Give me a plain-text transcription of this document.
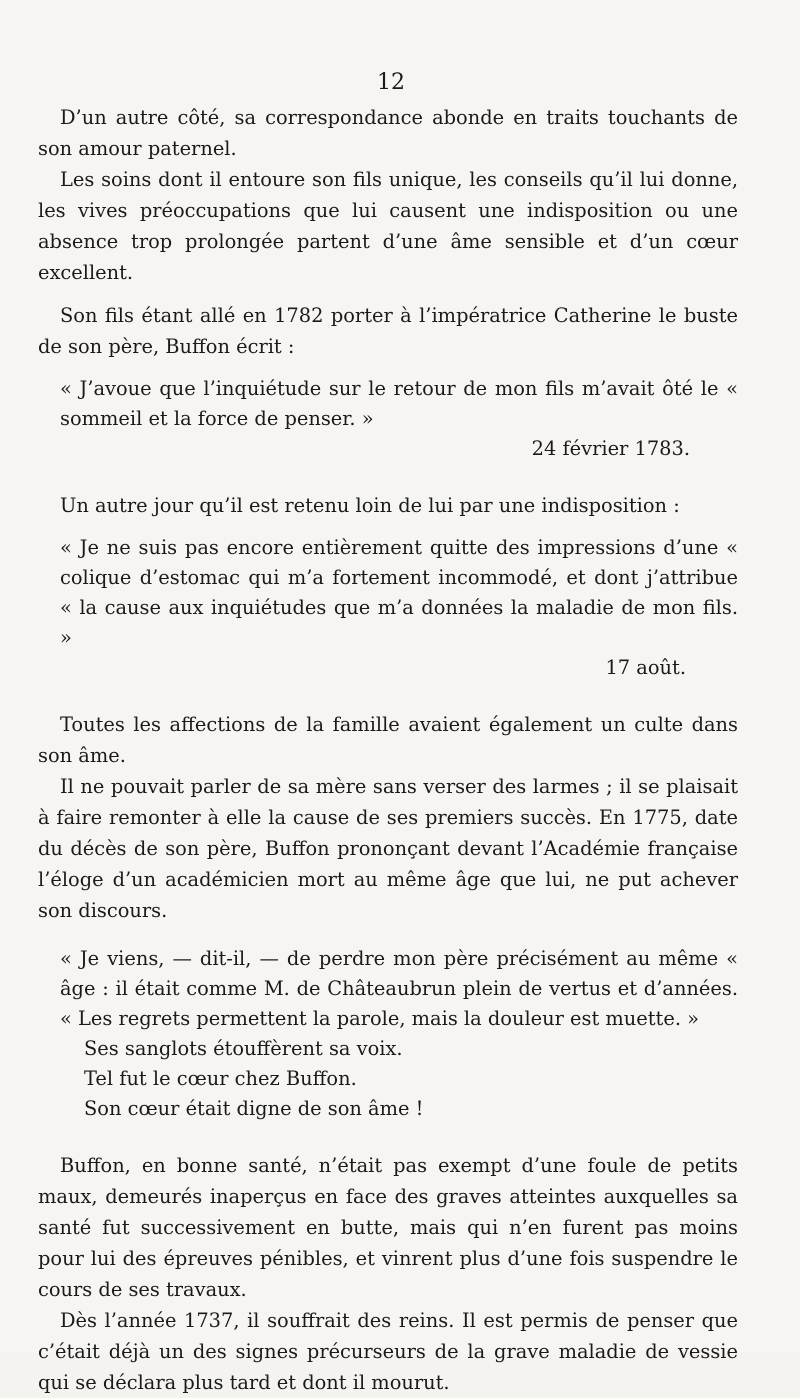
12

D’un autre côté, sa correspondance abonde en traits touchants de son amour paternel.

Les soins dont il entoure son fils unique, les conseils qu’il lui donne, les vives préoccupations que lui causent une indisposition ou une absence trop prolongée partent d’une âme sensible et d’un cœur excellent.

Son fils étant allé en 1782 porter à l’impératrice Catherine le buste de son père, Buffon écrit :

« J’avoue que l’inquiétude sur le retour de mon fils m’avait ôté le « sommeil et la force de penser. »

24 février 1783.

Un autre jour qu’il est retenu loin de lui par une indisposition :

« Je ne suis pas encore entièrement quitte des impressions d’une « colique d’estomac qui m’a fortement incommodé, et dont j’attribue « la cause aux inquiétudes que m’a données la maladie de mon fils. »

17 août.

Toutes les affections de la famille avaient également un culte dans son âme.

Il ne pouvait parler de sa mère sans verser des larmes ; il se plaisait à faire remonter à elle la cause de ses premiers succès. En 1775, date du décès de son père, Buffon prononçant devant l’Académie française l’éloge d’un académicien mort au même âge que lui, ne put achever son discours.

« Je viens, — dit-il, — de perdre mon père précisément au même « âge : il était comme M. de Châteaubrun plein de vertus et d’années. « Les regrets permettent la parole, mais la douleur est muette. »

Ses sanglots étouffèrent sa voix.

Tel fut le cœur chez Buffon.

Son cœur était digne de son âme !

Buffon, en bonne santé, n’était pas exempt d’une foule de petits maux, demeurés inaperçus en face des graves atteintes auxquelles sa santé fut successivement en butte, mais qui n’en furent pas moins pour lui des épreuves pénibles, et vinrent plus d’une fois suspendre le cours de ses travaux.

Dès l’année 1737, il souffrait des reins. Il est permis de penser que c’était déjà un des signes précurseurs de la grave maladie de vessie qui se déclara plus tard et dont il mourut.
